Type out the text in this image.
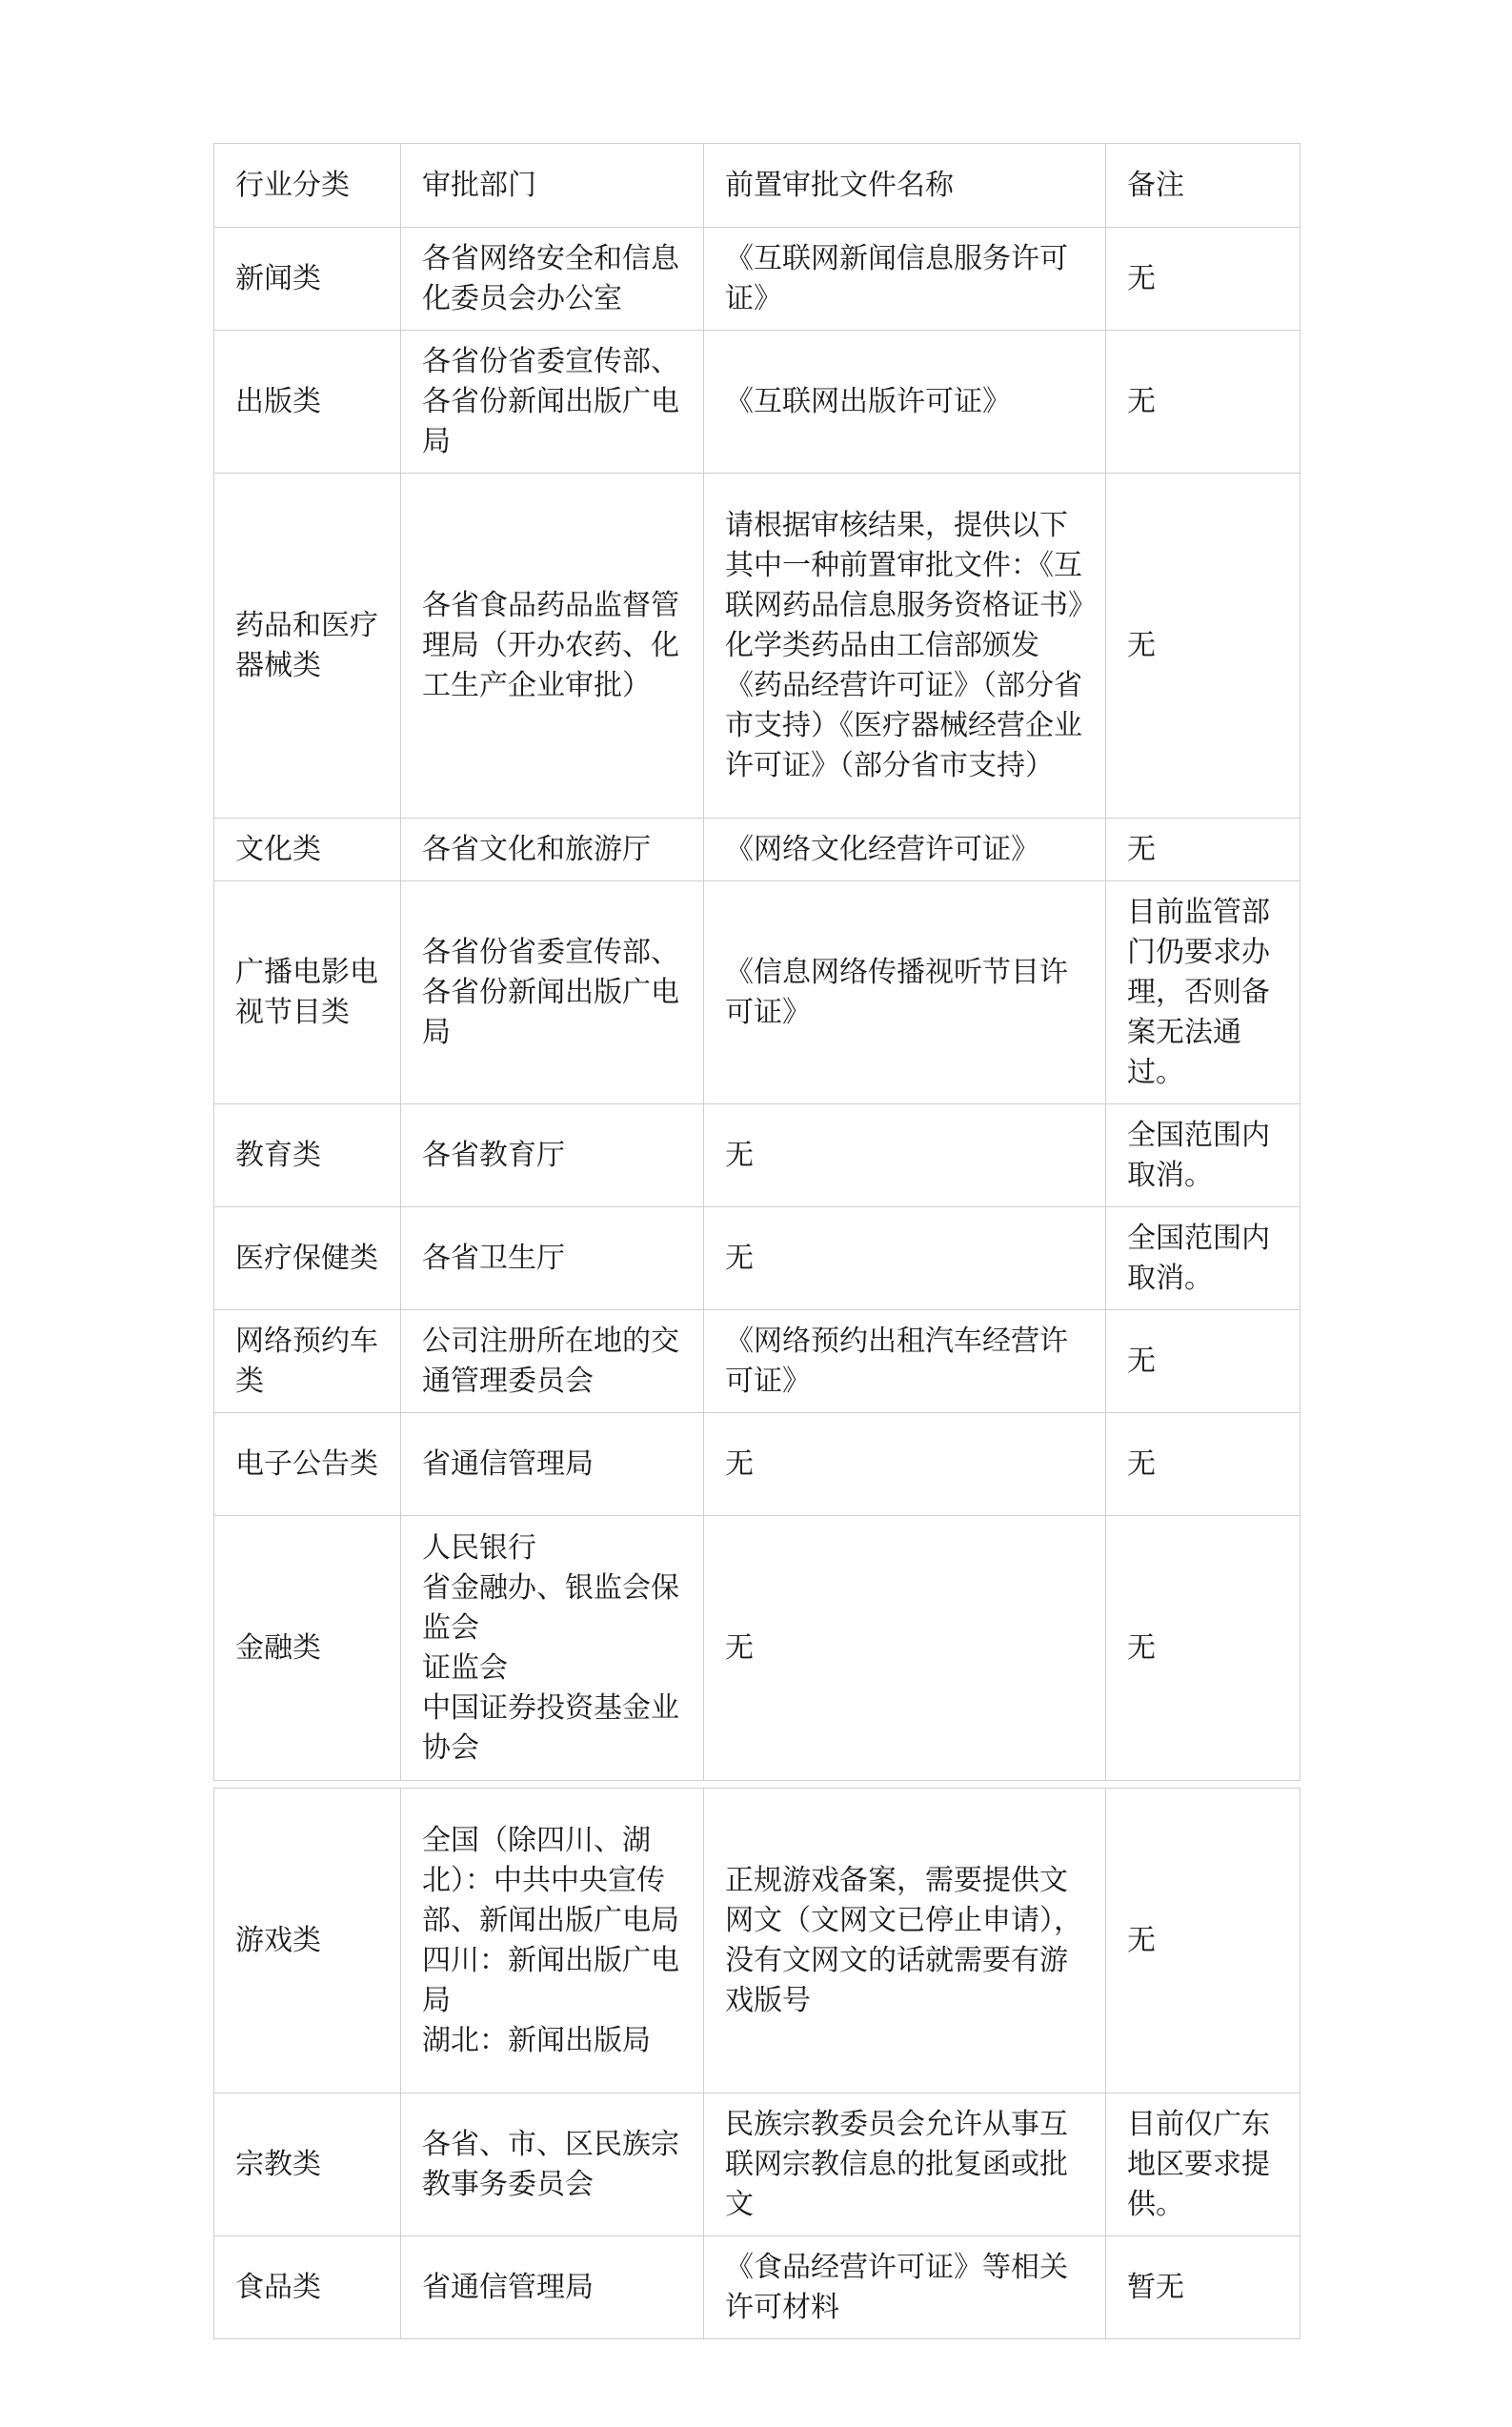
行业分类	审批部门	前置审批文件名称	备注

新闻类	各省网络安全和信息化委员会办公室	《互联网新闻信息服务许可证》	无

出版类	各省份省委宣传部、各省份新闻出版广电局	《互联网出版许可证》	无

药品和医疗器械类	各省食品药品监督管理局（开办农药、化工生产企业审批）	请根据审核结果，提供以下其中一种前置审批文件：《互联网药品信息服务资格证书》化学类药品由工信部颁发《药品经营许可证》（部分省市支持）《医疗器械经营企业许可证》（部分省市支持）	无

文化类	各省文化和旅游厅	《网络文化经营许可证》	无

广播电影电视节目类	各省份省委宣传部、各省份新闻出版广电局	《信息网络传播视听节目许可证》	目前监管部门仍要求办理，否则备案无法通过。

教育类	各省教育厅	无	全国范围内取消。

医疗保健类	各省卫生厅	无	全国范围内取消。

网络预约车类	公司注册所在地的交通管理委员会	《网络预约出租汽车经营许可证》	无

电子公告类	省通信管理局	无	无

金融类	人民银行
省金融办、银监会保监会
证监会
中国证券投资基金业协会	无	无
游戏类	全国（除四川、湖北）：中共中央宣传部、新闻出版广电局
四川：新闻出版广电局
湖北：新闻出版局	正规游戏备案，需要提供文网文（文网文已停止申请），没有文网文的话就需要有游戏版号	无

宗教类	各省、市、区民族宗教事务委员会	民族宗教委员会允许从事互联网宗教信息的批复函或批文	目前仅广东地区要求提供。

食品类	省通信管理局	《食品经营许可证》等相关许可材料	暂无
